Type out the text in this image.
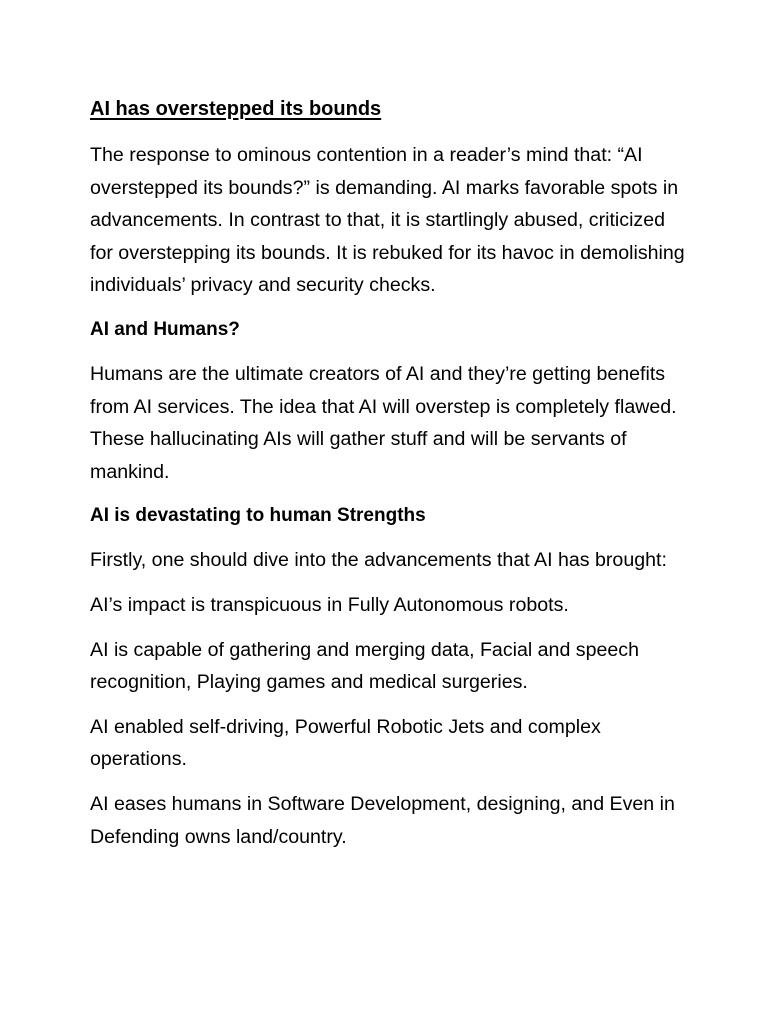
AI has overstepped its bounds

The response to ominous contention in a reader’s mind that: “AI overstepped its bounds?” is demanding. AI marks favorable spots in advancements. In contrast to that, it is startlingly abused, criticized for overstepping its bounds. It is rebuked for its havoc in demolishing individuals’ privacy and security checks.

AI and Humans?

Humans are the ultimate creators of AI and they’re getting benefits from AI services. The idea that AI will overstep is completely flawed. These hallucinating AIs will gather stuff and will be servants of mankind.

AI is devastating to human Strengths

Firstly, one should dive into the advancements that AI has brought:

AI’s impact is transpicuous in Fully Autonomous robots.

AI is capable of gathering and merging data, Facial and speech recognition, Playing games and medical surgeries.

AI enabled self-driving, Powerful Robotic Jets and complex operations.

AI eases humans in Software Development, designing, and Even in Defending owns land/country.
